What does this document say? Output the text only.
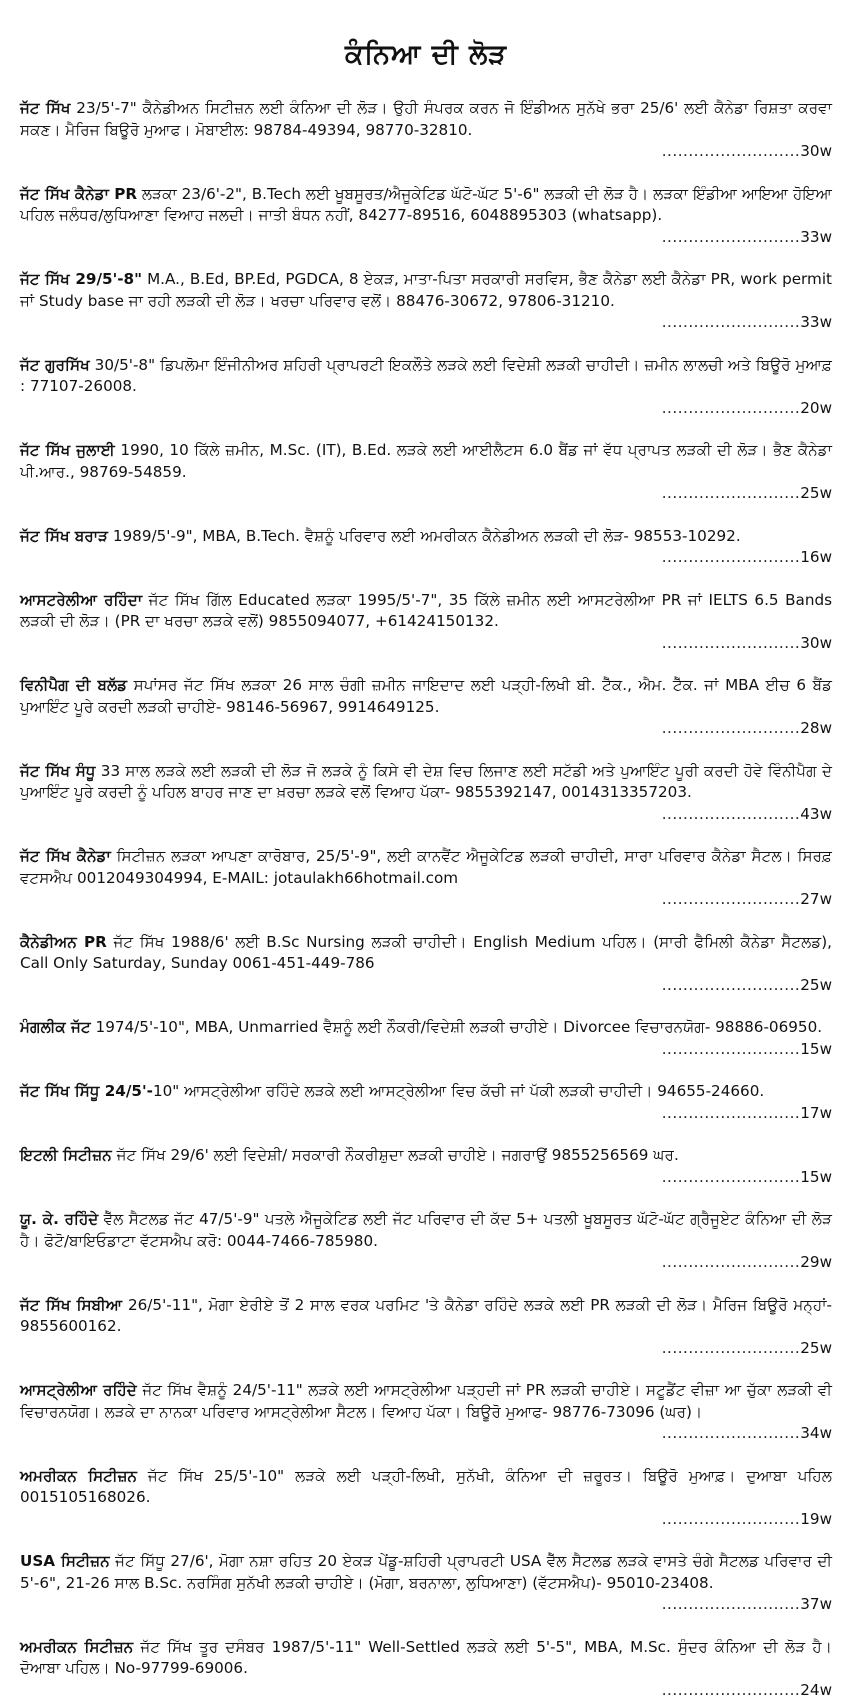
ਕੰਨਿਆ ਦੀ ਲੋੜ
ਜੱਟ ਸਿੱਖ 23/5'-7" ਕੈਨੇਡੀਅਨ ਸਿਟੀਜ਼ਨ ਲਈ ਕੰਨਿਆ ਦੀ ਲੋੜ। ਉਹੀ ਸੰਪਰਕ ਕਰਨ ਜੋ ਇੰਡੀਅਨ ਸੁਨੱਖੇ ਭਰਾ 25/6' ਲਈ ਕੈਨੇਡਾ ਰਿਸ਼ਤਾ ਕਰਵਾ ਸਕਣ। ਮੈਰਿਜ ਬਿਊਰੋ ਮੁਆਫ। ਮੋਬਾਈਲ: 98784-49394, 98770-32810.
.......................... 30w
ਜੱਟ ਸਿੱਖ ਕੈਨੇਡਾ PR ਲੜਕਾ 23/6'-2", B.Tech ਲਈ ਖੂਬਸੂਰਤ/ਐਜੂਕੇਟਿਡ ਘੱਟੋ-ਘੱਟ 5'-6" ਲੜਕੀ ਦੀ ਲੋੜ ਹੈ। ਲੜਕਾ ਇੰਡੀਆ ਆਇਆ ਹੋਇਆ ਪਹਿਲ ਜਲੰਧਰ/ਲੁਧਿਆਣਾ ਵਿਆਹ ਜਲਦੀ। ਜਾਤੀ ਬੰਧਨ ਨਹੀਂ, 84277-89516, 6048895303 (whatsapp).
.......................... 33w
ਜੱਟ ਸਿੱਖ 29/5'-8" M.A., B.Ed, BP.Ed, PGDCA, 8 ਏਕੜ, ਮਾਤਾ-ਪਿਤਾ ਸਰਕਾਰੀ ਸਰਵਿਸ, ਭੈਣ ਕੈਨੇਡਾ ਲਈ ਕੈਨੇਡਾ PR, work permit ਜਾਂ Study base ਜਾ ਰਹੀ ਲੜਕੀ ਦੀ ਲੋੜ। ਖਰਚਾ ਪਰਿਵਾਰ ਵਲੋਂ। 88476-30672, 97806-31210.
.......................... 33w
ਜੱਟ ਗੁਰਸਿੱਖ 30/5'-8" ਡਿਪਲੋਮਾ ਇੰਜੀਨੀਅਰ ਸ਼ਹਿਰੀ ਪ੍ਰਾਪਰਟੀ ਇਕਲੌਤੇ ਲੜਕੇ ਲਈ ਵਿਦੇਸ਼ੀ ਲੜਕੀ ਚਾਹੀਦੀ। ਜ਼ਮੀਨ ਲਾਲਚੀ ਅਤੇ ਬਿਊਰੋ ਮੁਆਫ਼ : 77107-26008.
.......................... 20w
ਜੱਟ ਸਿੱਖ ਜੁਲਾਈ 1990, 10 ਕਿੱਲੇ ਜ਼ਮੀਨ, M.Sc. (IT), B.Ed. ਲੜਕੇ ਲਈ ਆਈਲੈਟਸ 6.0 ਬੈਂਡ ਜਾਂ ਵੱਧ ਪ੍ਰਾਪਤ ਲੜਕੀ ਦੀ ਲੋੜ। ਭੈਣ ਕੈਨੇਡਾ ਪੀ.ਆਰ., 98769-54859.
.......................... 25w
ਜੱਟ ਸਿੱਖ ਬਰਾੜ 1989/5'-9", MBA, B.Tech. ਵੈਸ਼ਨੂੰ ਪਰਿਵਾਰ ਲਈ ਅਮਰੀਕਨ ਕੈਨੇਡੀਅਨ ਲੜਕੀ ਦੀ ਲੋੜ- 98553-10292.
.......................... 16w
ਆਸਟਰੇਲੀਆ ਰਹਿੰਦਾ ਜੱਟ ਸਿੱਖ ਗਿੱਲ Educated ਲੜਕਾ 1995/5'-7", 35 ਕਿੱਲੇ ਜ਼ਮੀਨ ਲਈ ਆਸਟਰੇਲੀਆ PR ਜਾਂ IELTS 6.5 Bands ਲੜਕੀ ਦੀ ਲੋੜ। (PR ਦਾ ਖਰਚਾ ਲੜਕੇ ਵਲੋਂ) 9855094077, +61424150132.
.......................... 30w
ਵਿਨੀਪੈਗ ਦੀ ਬਲੱਡ ਸਪਾਂਸਰ ਜੱਟ ਸਿੱਖ ਲੜਕਾ 26 ਸਾਲ ਚੰਗੀ ਜ਼ਮੀਨ ਜਾਇਦਾਦ ਲਈ ਪੜ੍ਹੀ-ਲਿਖੀ ਬੀ. ਟੈੱਕ., ਐਮ. ਟੈੱਕ. ਜਾਂ MBA ਈਚ 6 ਬੈਂਡ ਪੁਆਇੰਟ ਪੂਰੇ ਕਰਦੀ ਲੜਕੀ ਚਾਹੀਏ- 98146-56967, 9914649125.
.......................... 28w
ਜੱਟ ਸਿੱਖ ਸੰਧੂ 33 ਸਾਲ ਲੜਕੇ ਲਈ ਲੜਕੀ ਦੀ ਲੋੜ ਜੋ ਲੜਕੇ ਨੂੰ ਕਿਸੇ ਵੀ ਦੇਸ਼ ਵਿਚ ਲਿਜਾਣ ਲਈ ਸਟੱਡੀ ਅਤੇ ਪੁਆਇੰਟ ਪੂਰੀ ਕਰਦੀ ਹੋਵੇ ਵਿੰਨੀਪੈਗ ਦੇ ਪੁਆਇੰਟ ਪੂਰੇ ਕਰਦੀ ਨੂੰ ਪਹਿਲ ਬਾਹਰ ਜਾਣ ਦਾ ਖ਼ਰਚਾ ਲੜਕੇ ਵਲੋਂ ਵਿਆਹ ਪੱਕਾ- 9855392147, 0014313357203.
.......................... 43w
ਜੱਟ ਸਿੱਖ ਕੈਨੇਡਾ ਸਿਟੀਜ਼ਨ ਲੜਕਾ ਆਪਣਾ ਕਾਰੋਬਾਰ, 25/5'-9", ਲਈ ਕਾਨਵੈਂਟ ਐਜੂਕੇਟਿਡ ਲੜਕੀ ਚਾਹੀਦੀ, ਸਾਰਾ ਪਰਿਵਾਰ ਕੈਨੇਡਾ ਸੈਟਲ। ਸਿਰਫ਼ ਵਟਸਐਪ 0012049304994, E-MAIL: jotaulakh66hotmail.com
.......................... 27w
ਕੈਨੇਡੀਅਨ PR ਜੱਟ ਸਿੱਖ 1988/6' ਲਈ B.Sc Nursing ਲੜਕੀ ਚਾਹੀਦੀ। English Medium ਪਹਿਲ। (ਸਾਰੀ ਫੈਮਿਲੀ ਕੈਨੇਡਾ ਸੈਟਲਡ), Call Only Saturday, Sunday 0061-451-449-786
.......................... 25w
ਮੰਗਲੀਕ ਜੱਟ 1974/5'-10", MBA, Unmarried ਵੈਸ਼ਨੂੰ ਲਈ ਨੌਕਰੀ/ਵਿਦੇਸ਼ੀ ਲੜਕੀ ਚਾਹੀਏ। Divorcee ਵਿਚਾਰਨਯੋਗ- 98886-06950.
.......................... 15w
ਜੱਟ ਸਿੱਖ ਸਿੱਧੂ 24/5'-10" ਆਸਟ੍ਰੇਲੀਆ ਰਹਿੰਦੇ ਲੜਕੇ ਲਈ ਆਸਟ੍ਰੇਲੀਆ ਵਿਚ ਕੱਚੀ ਜਾਂ ਪੱਕੀ ਲੜਕੀ ਚਾਹੀਦੀ। 94655-24660.
.......................... 17w
ਇਟਲੀ ਸਿਟੀਜ਼ਨ ਜੱਟ ਸਿੱਖ 29/6' ਲਈ ਵਿਦੇਸ਼ੀ/ ਸਰਕਾਰੀ ਨੌਕਰੀਸ਼ੁਦਾ ਲੜਕੀ ਚਾਹੀਏ। ਜਗਰਾਉਂ 9855256569 ਘਰ.
.......................... 15w
ਯੂ. ਕੇ. ਰਹਿੰਦੇ ਵੈੱਲ ਸੈਟਲਡ ਜੱਟ 47/5'-9" ਪਤਲੇ ਐਜੂਕੇਟਿਡ ਲਈ ਜੱਟ ਪਰਿਵਾਰ ਦੀ ਕੱਦ 5+ ਪਤਲੀ ਖੂਬਸੂਰਤ ਘੱਟੋ-ਘੱਟ ਗ੍ਰੈਜੂਏਟ ਕੰਨਿਆ ਦੀ ਲੋੜ ਹੈ। ਫੋਟੋ/ਬਾਇਓਡਾਟਾ ਵੱਟਸਐਪ ਕਰੋ: 0044-7466-785980.
.......................... 29w
ਜੱਟ ਸਿੱਖ ਸਿਬੀਆ 26/5'-11", ਮੋਗਾ ਏਰੀਏ ਤੋਂ 2 ਸਾਲ ਵਰਕ ਪਰਮਿਟ 'ਤੇ ਕੈਨੇਡਾ ਰਹਿੰਦੇ ਲੜਕੇ ਲਈ PR ਲੜਕੀ ਦੀ ਲੋੜ। ਮੈਰਿਜ ਬਿਊਰੋ ਮਨ੍ਹਾਂ- 9855600162.
.......................... 25w
ਆਸਟ੍ਰੇਲੀਆ ਰਹਿੰਦੇ ਜੱਟ ਸਿੱਖ ਵੈਸ਼ਨੂੰ 24/5'-11" ਲੜਕੇ ਲਈ ਆਸਟ੍ਰੇਲੀਆ ਪੜ੍ਹਦੀ ਜਾਂ PR ਲੜਕੀ ਚਾਹੀਏ। ਸਟੂਡੈਂਟ ਵੀਜ਼ਾ ਆ ਚੁੱਕਾ ਲੜਕੀ ਵੀ ਵਿਚਾਰਨਯੋਗ। ਲੜਕੇ ਦਾ ਨਾਨਕਾ ਪਰਿਵਾਰ ਆਸਟ੍ਰੇਲੀਆ ਸੈਟਲ। ਵਿਆਹ ਪੱਕਾ। ਬਿਊਰੋ ਮੁਆਫ- 98776-73096 (ਘਰ)।
.......................... 34w
ਅਮਰੀਕਨ ਸਿਟੀਜ਼ਨ ਜੱਟ ਸਿੱਖ 25/5'-10" ਲੜਕੇ ਲਈ ਪੜ੍ਹੀ-ਲਿਖੀ, ਸੁਨੱਖੀ, ਕੰਨਿਆ ਦੀ ਜ਼ਰੂਰਤ। ਬਿਊਰੋ ਮੁਆਫ਼। ਦੁਆਬਾ ਪਹਿਲ 0015105168026.
.......................... 19w
USA ਸਿਟੀਜ਼ਨ ਜੱਟ ਸਿੱਧੂ 27/6', ਮੋਗਾ ਨਸ਼ਾ ਰਹਿਤ 20 ਏਕੜ ਪੇਂਡੂ-ਸ਼ਹਿਰੀ ਪ੍ਰਾਪਰਟੀ USA ਵੈੱਲ ਸੈਟਲਡ ਲੜਕੇ ਵਾਸਤੇ ਚੰਗੇ ਸੈਟਲਡ ਪਰਿਵਾਰ ਦੀ 5'-6", 21-26 ਸਾਲ B.Sc. ਨਰਸਿੰਗ ਸੁਨੱਖੀ ਲੜਕੀ ਚਾਹੀਏ। (ਮੋਗਾ, ਬਰਨਾਲਾ, ਲੁਧਿਆਣਾ) (ਵੱਟਸਐਪ)- 95010-23408.
.......................... 37w
ਅਮਰੀਕਨ ਸਿਟੀਜ਼ਨ ਜੱਟ ਸਿੱਖ ਤੂਰ ਦਸੰਬਰ 1987/5'-11" Well-Settled ਲੜਕੇ ਲਈ 5'-5", MBA, M.Sc. ਸੁੰਦਰ ਕੰਨਿਆ ਦੀ ਲੋੜ ਹੈ। ਦੋਆਬਾ ਪਹਿਲ। No-97799-69006.
.......................... 24w
